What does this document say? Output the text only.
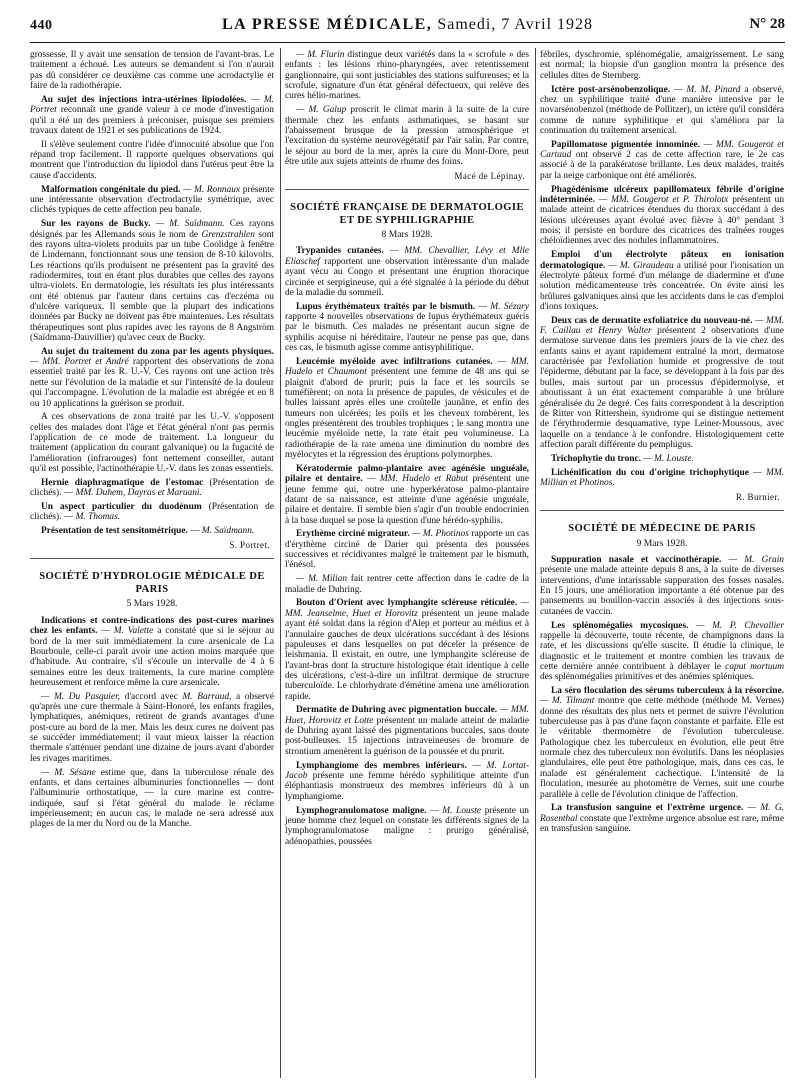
440	LA PRESSE MÉDICALE, Samedi, 7 Avril 1928	N° 28

grossesse. Il y avait une sensation de tension de l'avant-bras. Le traitement a échoué. Les auteurs se demandent si l'on n'aurait pas dû considérer ce deuxième cas comme une acrodactylie et faire de la radiothérapie.

Au sujet des injections intra-utérines lipiodolées. — M. Portret reconnaît une grande valeur à ce mode d'investigation qu'il a été un des premiers à préconiser, puisque ses premiers travaux datent de 1921 et ses publications de 1924.

Il s'élève seulement contre l'idée d'innocuité absolue que l'on répand trop facilement. Il rapporte quelques observations qui montrent que l'introduction du lipiodol dans l'utérus peut être la cause d'accidents.

Malformation congénitale du pied. — M. Ronnaux présente une intéressante observation d'ectrodactylie symétrique, avec clichés typiques de cette affection peu banale.

Sur les rayons de Bucky. — M. Saïdmann. Ces rayons désignés par les Allemands sous le nom de Grenzstrahlen sont des rayons ultra-violets produits par un tube Coolidge à fenêtre de Lindemann, fonctionnant sous une tension de 8-10 kilovolts. Les réactions qu'ils produisent ne présentent pas la gravité des radiodermites, tout en étant plus durables que celles des rayons ultra-violets. En dermatologie, les résultats les plus intéressants ont été obtenus par l'auteur dans certains cas d'eczéma ou d'ulcère variqueux. Il semble que la plupart des indications données par Bucky ne doivent pas être maintenues. Les résultats thérapeutiques sont plus rapides avec les rayons de 8 Angström (Saïdmann-Dauvillier) qu'avec ceux de Bucky.

Au sujet du traitement du zona par les agents physiques. — MM. Portret et André rapportent des observations de zona essentiel traité par les R. U.-V. Ces rayons ont une action très nette sur l'évolution de la maladie et sur l'intensité de la douleur qui l'accompagne. L'évolution de la maladie est abrégée et en 8 ou 10 applications la guérison se produit.

A ces observations de zona traité par les U.-V. s'opposent celles des malades dont l'âge et l'état général n'ont pas permis l'application de ce mode de traitement. La longueur du traitement (application du courant galvanique) ou la fugacité de l'amélioration (infrarouges) font nettement conseiller, autant qu'il est possible, l'actinothérapie U.-V. dans les zonas essentiels.

Hernie diaphragmatique de l'estomac (Présentation de clichés). — MM. Duhem, Dayras et Maruani.

Un aspect particulier du duodénum (Présentation de clichés). — M. Thomas.

Présentation de test sensitométrique. — M. Saïdmann.

S. Portret.

SOCIÉTÉ D'HYDROLOGIE MÉDICALE DE PARIS
5 Mars 1928.

Indications et contre-indications des post-cures marines chez les enfants. — M. Valette a constaté que si le séjour au bord de la mer suit immédiatement la cure arsenicale de La Bourboule, celle-ci paraît avoir une action moins marquée que d'habitude. Au contraire, s'il s'écoule un intervalle de 4 à 6 semaines entre les deux traitements, la cure marine complète heureusement et renforce même la cure arsenicale.

— M. Du Pasquier, d'accord avec M. Barraud, a observé qu'après une cure thermale à Saint-Honoré, les enfants fragiles, lymphatiques, anémiques, retirent de grands avantages d'une post-cure au bord de la mer. Mais les deux cures ne doivent pas se succéder immédiatement; il vaut mieux laisser la réaction thermale s'atténuer pendant une dizaine de jours avant d'aborder les rivages maritimes.

— M. Sésane estime que, dans la tuberculose rénale des enfants, et dans certaines albuminuries fonctionnelles — dont l'albuminurie orthostatique, — la cure marine est contre-indiquée, sauf si l'état général du malade le réclame impérieusement; en aucun cas, le malade ne sera adressé aux plages de la mer du Nord ou de la Manche.

— M. Flurin distingue deux variétés dans la « scrofule » des enfants : les lésions rhino-pharyngées, avec retentissement ganglionnaire, qui sont justiciables des stations sulfureuses; et la scrofule, signature d'un état général défectueux, qui relève des cures hélio-marines.

— M. Galup proscrit le climat marin à la suite de la cure thermale chez les enfants asthmatiques, se basant sur l'abaissement brusque de la pression atmosphérique et l'excitation du système neurovégétatif par l'air salin. Par contre, le séjour au bord de la mer, après la cure du Mont-Dore, peut être utile aux sujets atteints de rhume des foins.

Macé de Lépinay.

SOCIÉTÉ FRANÇAISE DE DERMATOLOGIE ET DE SYPHILIGRAPHIE
8 Mars 1928.

Trypanides cutanées. — MM. Chevallier, Lévy et Mlle Eliaschef rapportent une observation intéressante d'un malade ayant vécu au Congo et présentant une éruption thoracique circinée et serpigineuse, qui a été signalée à la période du début de la maladie du sommeil.

Lupus érythémateux traités par le bismuth. — M. Sézary rapporte 4 nouvelles observations de lupus érythémateux guéris par le bismuth. Ces malades ne présentant aucun signe de syphilis acquise ni héréditaire, l'auteur ne pense pas que, dans ces cas, le bismuth agisse comme antisyphilitique.

Leucémie myéloïde avec infiltrations cutanées. — MM. Hudelo et Chaumont présentent une femme de 48 ans qui se plaignit d'abord de prurit; puis la face et les sourcils se tuméfièrent; on nota la présence de papules, de vésicules et de bulles laissant après elles une croûtelle jaunâtre, et enfin des tumeurs non ulcérées; les poils et les cheveux tombèrent, les ongles présentèrent des troubles trophiques ; le sang montra une leucémie myéloïde nette, la rate était peu volumineuse. La radiothérapie de la rate amena une diminution du nombre des myélocytes et la régression des éruptions polymorphes.

Kératodermie palmo-plantaire avec agénésie unguéale, pilaire et dentaire. — MM. Hudelo et Rabut présentent une jeune femme qui, outre une hyperkératose palmo-plantaire datant de sa naissance, est atteinte d'une agénésie unguéale, pilaire et dentaire. Il semble bien s'agir d'un trouble endocrinien à la base duquel se pose la question d'une hérédo-syphilis.

Erythème circiné migrateur. — M. Photinos rapporte un cas d'érythème circiné de Darier qui présenta des poussées successives et récidivantes malgré le traitement par le bismuth, l'énésol.

— M. Milian fait rentrer cette affection dans le cadre de la maladie de Duhring.

Bouton d'Orient avec lymphangite scléreuse réticulée. — MM. Jeanselme, Huet et Horovitz présentent un jeune malade ayant été soldat dans la région d'Alep et porteur au médius et à l'annulaire gauches de deux ulcérations succédant à des lésions papuleuses et dans lesquelles on put déceler la présence de leishmania. Il existait, en outre, une lymphangite scléreuse de l'avant-bras dont la structure histologique était identique à celle des ulcérations, c'est-à-dire un infiltrat dermique de structure tuberculoïde. Le chlorhydrate d'émétine amena une amélioration rapide.

Dermatite de Duhring avec pigmentation buccale. — MM. Huet, Horovitz et Lotte présentent un malade atteint de maladie de Duhring ayant laissé des pigmentations buccales, sans doute post-bulleuses. 15 injections intraveineuses de bromure de strontium amenèrent la guérison de la poussée et du prurit.

Lymphangiome des membres inférieurs. — M. Lortat-Jacob présente une femme hérédo syphilitique atteinte d'un éléphantiasis monstrueux des membres inférieurs dû à un lymphangiome.

Lymphogranulomatose maligne. — M. Louste présente un jeune homme chez lequel on constate les différents signes de la lymphogranulomatose maligne : prurigo généralisé, adénopathies, poussées

fébriles, dyschromie, splénomégalie, amaigrissement. Le sang est normal; la biopsie d'un ganglion montra la présence des cellules dites de Sternberg.

Ictère post-arsénobenzolique. — M. M. Pinard a observé, chez un syphilitique traité d'une manière intensive par le novarsénobenzol (méthode de Pollitzer), un ictère qu'il considéra comme de nature syphilitique et qui s'améliora par la continuation du traitement arsenical.

Papillomatose pigmentée innominée. — MM. Gougerot et Cartaud ont observé 2 cas de cette affection rare, le 2e cas associé à de la parakératose brillante. Les deux malades, traités par la neige carbonique ont été améliorés.

Phagédénisme ulcéreux papillomateux fébrile d'origine indéterminée. — MM. Gougerot et P. Thirolotx présentent un malade atteint de cicatrices étendues du thorax succédant à des lésions ulcéreuses ayant évolué avec fièvre à 40° pendant 3 mois; il persiste en bordure des cicatrices des traînées rouges chéloïdiennes avec des nodules inflammatoires.

Emploi d'un électrolyte pâteux en ionisation dermatologique. — M. Giraudeau a utilisé pour l'ionisation un électrolyte pâteux formé d'un mélange de diadermine et d'une solution médicamenteuse très concentrée. On évite ainsi les brûlures galvaniques ainsi que les accidents dans le cas d'emploi d'ions toxiques.

Deux cas de dermatite exfoliatrice du nouveau-né. — MM. F. Caillau et Henry Walter présentent 2 observations d'une dermatose survenue dans les premiers jours de la vie chez des enfants sains et ayant rapidement entraîné la mort, dermatose caractérisée par l'exfoliation humide et progressive de tout l'épiderme, débutant par la face, se développant à la fois par des bulles, mais surtout par un processus d'épidermolyse, et aboutissant à un état exactement comparable à une brûlure généralisée du 2e degré. Ces faits correspondent à la description de Ritter von Rittershein, syndrome qui se distingue nettement de l'érythrodermie desquamative, type Leiner-Moussous, avec laquelle on a tendance à le confondre. Histologiquement cette affection paraît différente du pemphigus.

Trichophytie du tronc. — M. Louste.

Lichénification du cou d'origine trichophytique — MM. Millian et Photinos.

R. Burnier.

SOCIÉTÉ DE MÉDECINE DE PARIS
9 Mars 1928.

Suppuration nasale et vaccinothérapie. — M. Grain présente une malade atteinte depuis 8 ans, à la suite de diverses interventions, d'une intarissable suppuration des fosses nasales. En 15 jours, une amélioration importante a été obtenue par des pansements au bouillon-vaccin associés à des injections sous-cutanées de vaccin.

Les splénomégalies mycosiques. — M. P. Chevallier rappelle la découverte, toute récente, de champignons dans la rate, et les discussions qu'elle suscite. Il étudie la clinique, le diagnostic et le traitement et montre combien les travaux de cette dernière année contribuent à déblayer le caput mortuum des splénomégalies primitives et des anémies spléniques.

La séro floculation des sérums tuberculeux à la résorcine. — M. Tilmant montre que cette méthode (méthode M. Vernes) donne des résultats des plus nets et permet de suivre l'évolution tuberculeuse pas à pas d'une façon constante et parfaite. Elle est le véritable thermomètre de l'évolution tuberculeuse. Pathologique chez les tuberculeux en évolution, elle peut être normale chez des tuberculeux non évolutifs. Dans les néoplasies glandulaires, elle peut être pathologique, mais, dans ces cas, le malade est généralement cachectique. L'intensité de la floculation, mesurée au photomètre de Vernes, suit une courbe parallèle à celle de l'évolution clinique de l'affection.

La transfusion sanguine et l'extrême urgence. — M. G. Rosenthal constate que l'extrême urgence absolue est rare, même en transfusion sanguine.
